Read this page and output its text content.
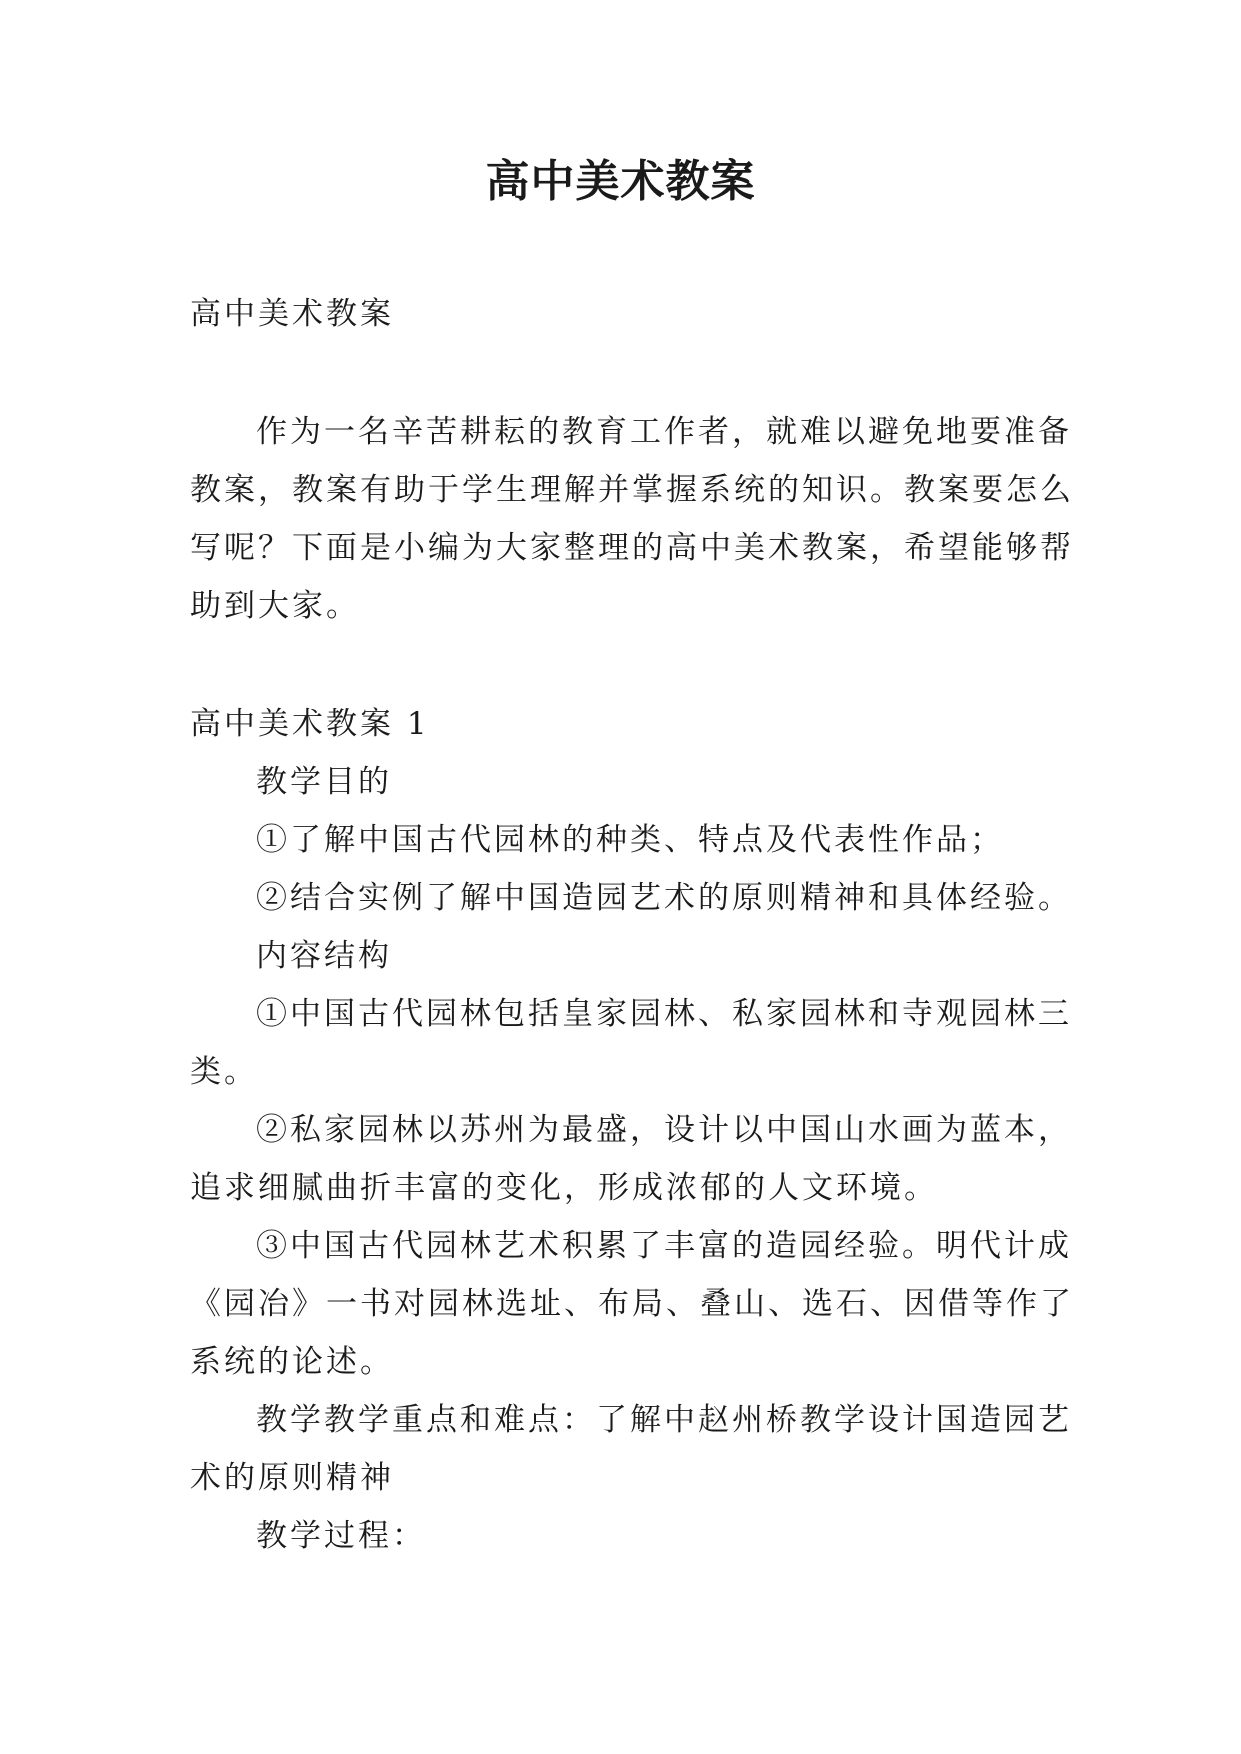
高中美术教案
高中美术教案
作为一名辛苦耕耘的教育工作者，就难以避免地要准备
教案，教案有助于学生理解并掌握系统的知识。教案要怎么
写呢？下面是小编为大家整理的高中美术教案，希望能够帮
助到大家。
高中美术教案 1
教学目的
①了解中国古代园林的种类、特点及代表性作品；
②结合实例了解中国造园艺术的原则精神和具体经验。
内容结构
①中国古代园林包括皇家园林、私家园林和寺观园林三
类。
②私家园林以苏州为最盛，设计以中国山水画为蓝本，
追求细腻曲折丰富的变化，形成浓郁的人文环境。
③中国古代园林艺术积累了丰富的造园经验。明代计成
《园冶》一书对园林选址、布局、叠山、选石、因借等作了
系统的论述。
教学教学重点和难点：了解中赵州桥教学设计国造园艺
术的原则精神
教学过程：
